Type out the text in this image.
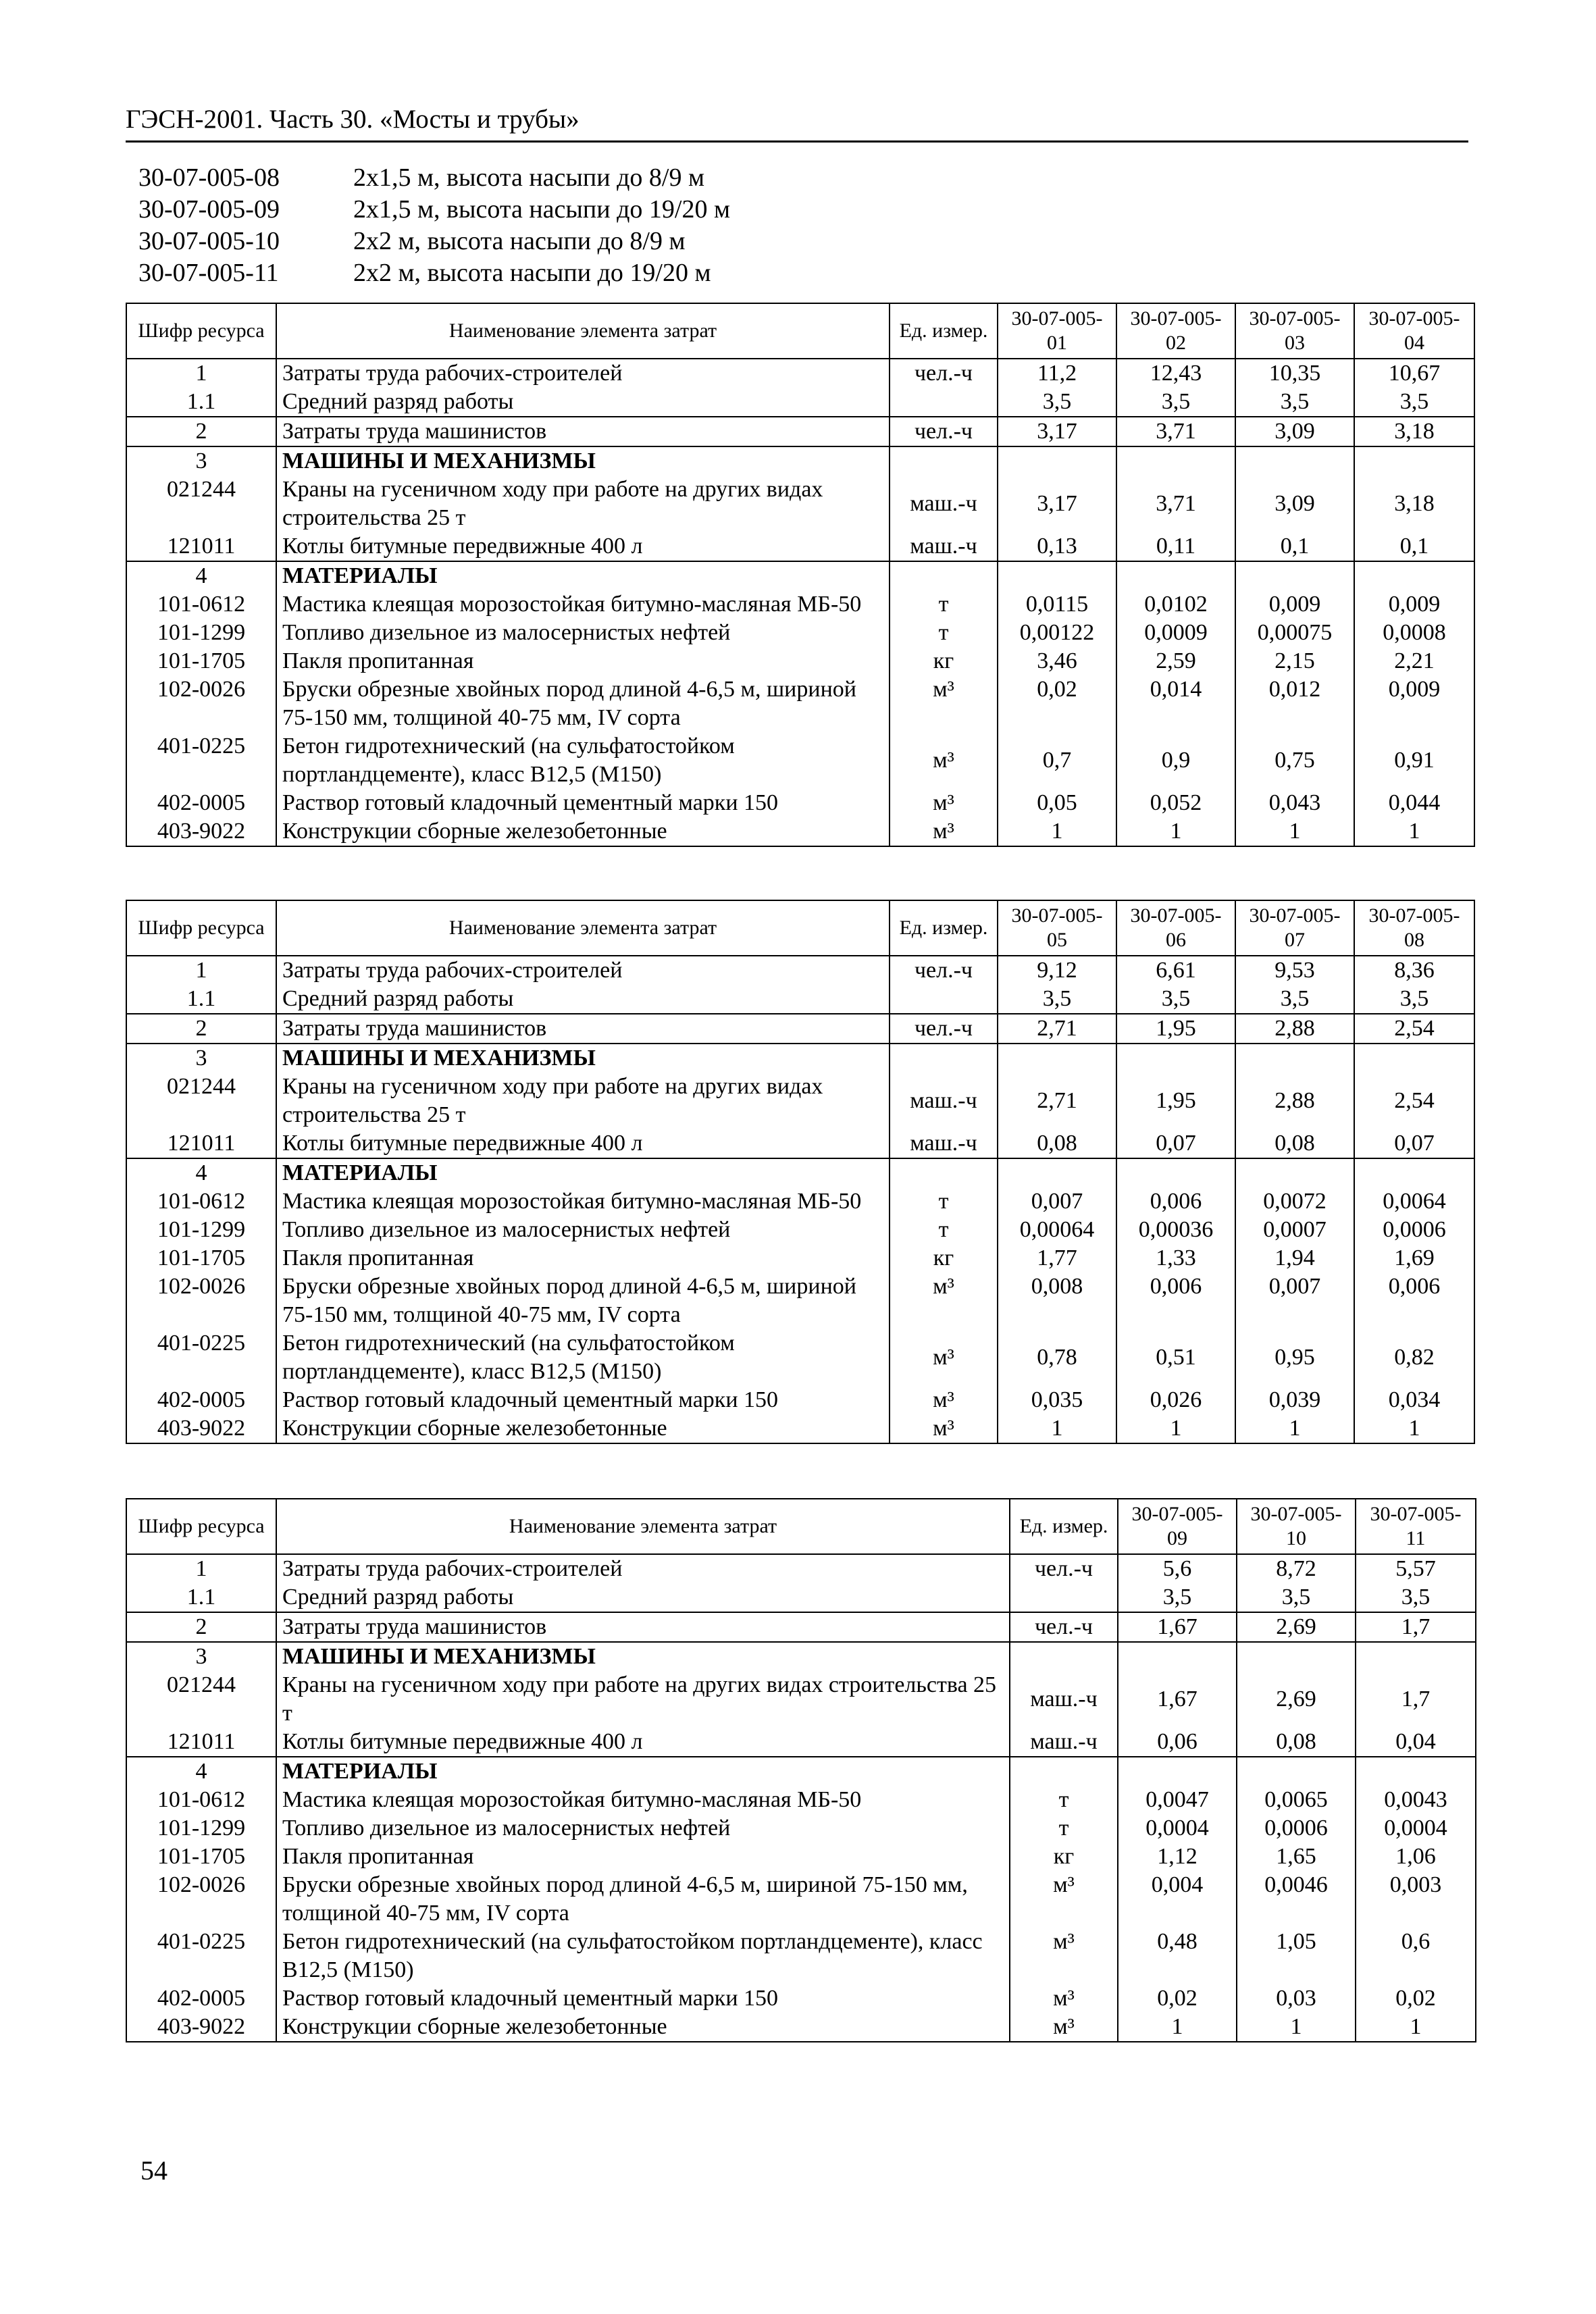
ГЭСН-2001. Часть 30. «Мосты и трубы»
30-07-005-08	2х1,5 м, высота насыпи до 8/9 м
30-07-005-09	2х1,5 м, высота насыпи до 19/20 м
30-07-005-10	2х2 м, высота насыпи до 8/9 м
30-07-005-11	2х2 м, высота насыпи до 19/20 м
Шифр ресурса	Наименование элемента затрат	Ед. измер.	30-07-005-01	30-07-005-02	30-07-005-03	30-07-005-04
1	Затраты труда рабочих-строителей	чел.-ч	11,2	12,43	10,35	10,67
1.1	Средний разряд работы		3,5	3,5	3,5	3,5
2	Затраты труда машинистов	чел.-ч	3,17	3,71	3,09	3,18
3	МАШИНЫ И МЕХАНИЗМЫ					
021244	Краны на гусеничном ходу при работе на других видах строительства 25 т	маш.-ч	3,17	3,71	3,09	3,18
121011	Котлы битумные передвижные 400 л	маш.-ч	0,13	0,11	0,1	0,1
4	МАТЕРИАЛЫ					
101-0612	Мастика клеящая морозостойкая битумно-масляная МБ-50	т	0,0115	0,0102	0,009	0,009
101-1299	Топливо дизельное из малосернистых нефтей	т	0,00122	0,0009	0,00075	0,0008
101-1705	Пакля пропитанная	кг	3,46	2,59	2,15	2,21
102-0026	Бруски обрезные хвойных пород длиной 4-6,5 м, шириной 75-150 мм, толщиной 40-75 мм, IV сорта	м³	0,02	0,014	0,012	0,009
401-0225	Бетон гидротехнический (на сульфатостойком портландцементе), класс В12,5 (М150)	м³	0,7	0,9	0,75	0,91
402-0005	Раствор готовый кладочный цементный марки 150	м³	0,05	0,052	0,043	0,044
403-9022	Конструкции сборные железобетонные	м³	1	1	1	1
Шифр ресурса	Наименование элемента затрат	Ед. измер.	30-07-005-05	30-07-005-06	30-07-005-07	30-07-005-08
1	Затраты труда рабочих-строителей	чел.-ч	9,12	6,61	9,53	8,36
1.1	Средний разряд работы		3,5	3,5	3,5	3,5
2	Затраты труда машинистов	чел.-ч	2,71	1,95	2,88	2,54
3	МАШИНЫ И МЕХАНИЗМЫ					
021244	Краны на гусеничном ходу при работе на других видах строительства 25 т	маш.-ч	2,71	1,95	2,88	2,54
121011	Котлы битумные передвижные 400 л	маш.-ч	0,08	0,07	0,08	0,07
4	МАТЕРИАЛЫ					
101-0612	Мастика клеящая морозостойкая битумно-масляная МБ-50	т	0,007	0,006	0,0072	0,0064
101-1299	Топливо дизельное из малосернистых нефтей	т	0,00064	0,00036	0,0007	0,0006
101-1705	Пакля пропитанная	кг	1,77	1,33	1,94	1,69
102-0026	Бруски обрезные хвойных пород длиной 4-6,5 м, шириной 75-150 мм, толщиной 40-75 мм, IV сорта	м³	0,008	0,006	0,007	0,006
401-0225	Бетон гидротехнический (на сульфатостойком портландцементе), класс В12,5 (М150)	м³	0,78	0,51	0,95	0,82
402-0005	Раствор готовый кладочный цементный марки 150	м³	0,035	0,026	0,039	0,034
403-9022	Конструкции сборные железобетонные	м³	1	1	1	1
Шифр ресурса	Наименование элемента затрат	Ед. измер.	30-07-005-09	30-07-005-10	30-07-005-11
1	Затраты труда рабочих-строителей	чел.-ч	5,6	8,72	5,57
1.1	Средний разряд работы		3,5	3,5	3,5
2	Затраты труда машинистов	чел.-ч	1,67	2,69	1,7
3	МАШИНЫ И МЕХАНИЗМЫ				
021244	Краны на гусеничном ходу при работе на других видах строительства 25 т	маш.-ч	1,67	2,69	1,7
121011	Котлы битумные передвижные 400 л	маш.-ч	0,06	0,08	0,04
4	МАТЕРИАЛЫ				
101-0612	Мастика клеящая морозостойкая битумно-масляная МБ-50	т	0,0047	0,0065	0,0043
101-1299	Топливо дизельное из малосернистых нефтей	т	0,0004	0,0006	0,0004
101-1705	Пакля пропитанная	кг	1,12	1,65	1,06
102-0026	Бруски обрезные хвойных пород длиной 4-6,5 м, шириной 75-150 мм, толщиной 40-75 мм, IV сорта	м³	0,004	0,0046	0,003
401-0225	Бетон гидротехнический (на сульфатостойком портландцементе), класс В12,5 (М150)	м³	0,48	1,05	0,6
402-0005	Раствор готовый кладочный цементный марки 150	м³	0,02	0,03	0,02
403-9022	Конструкции сборные железобетонные	м³	1	1	1
54
